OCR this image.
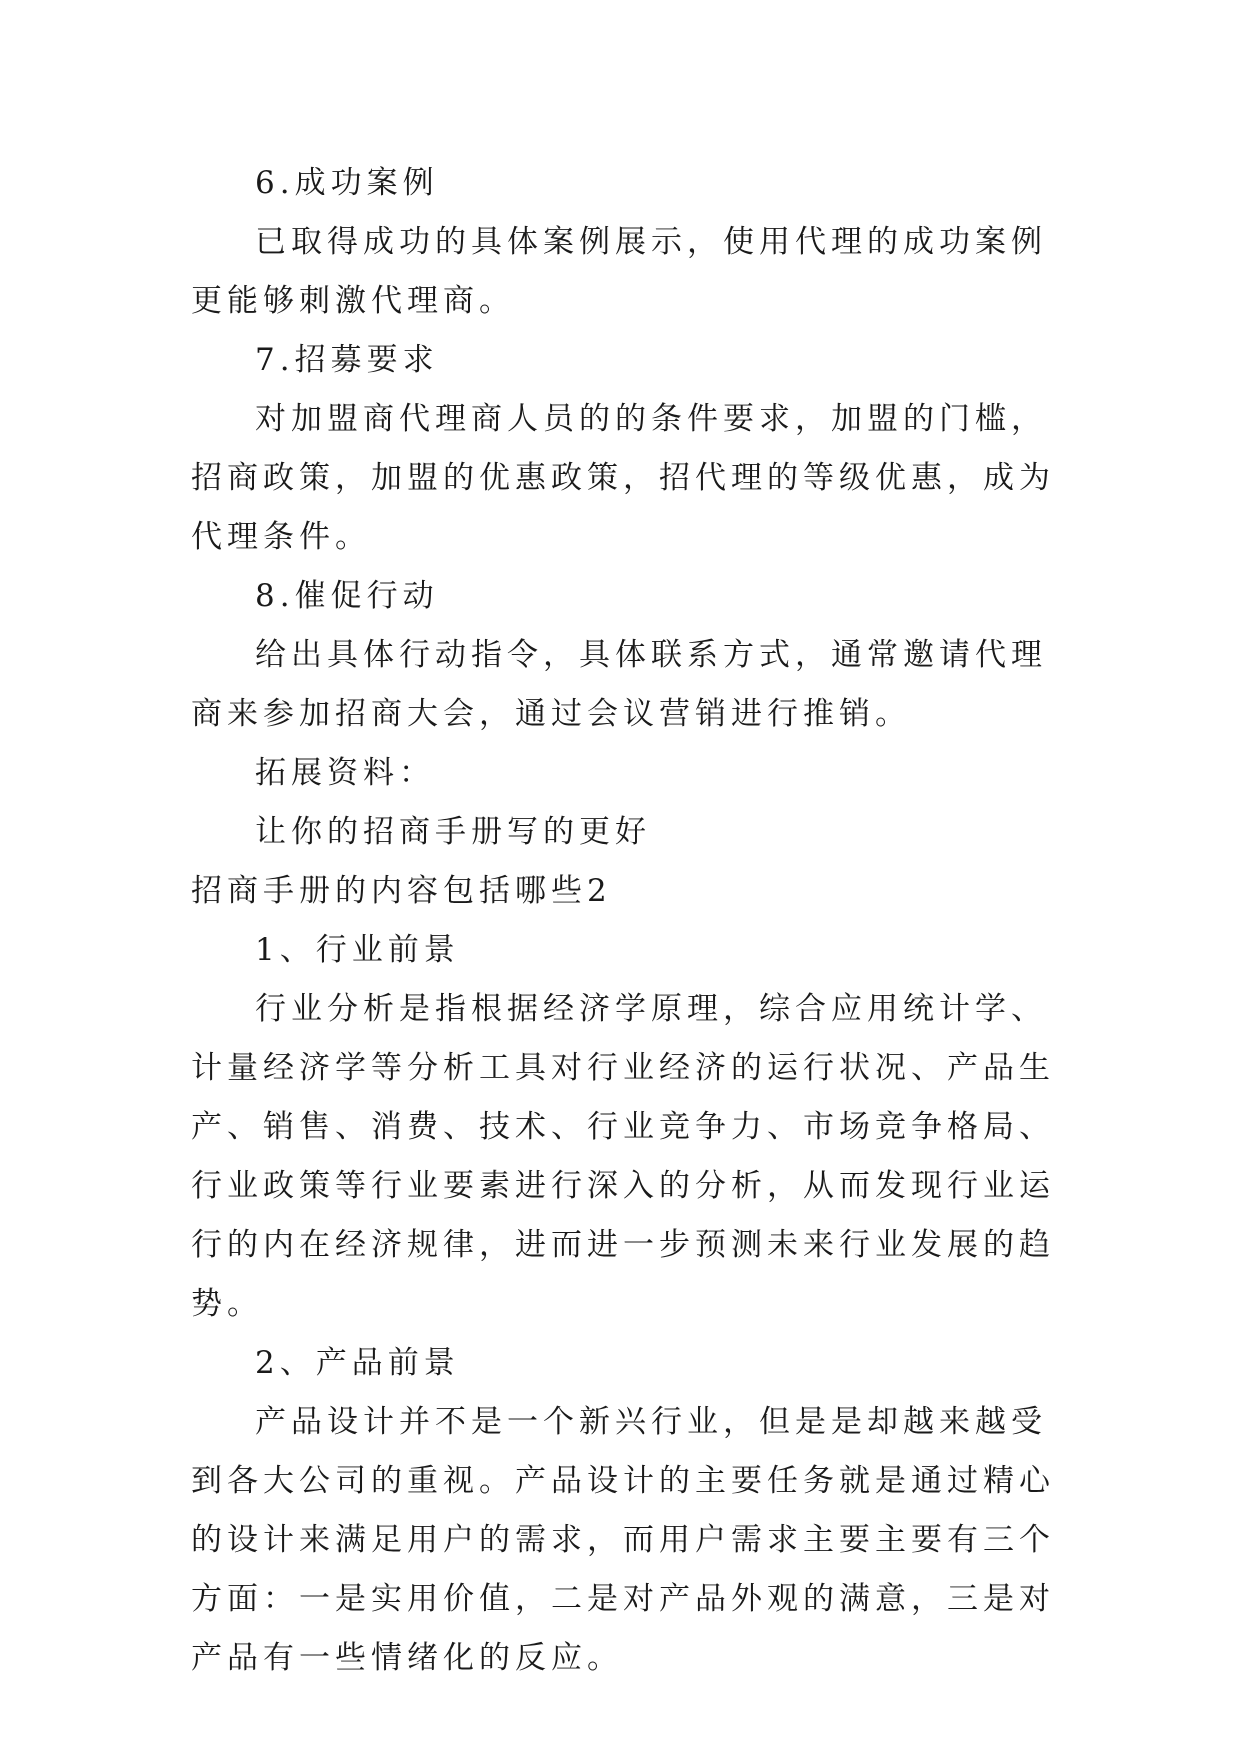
6.成功案例

已取得成功的具体案例展示，使用代理的成功案例更能够刺激代理商。

7.招募要求

对加盟商代理商人员的的条件要求，加盟的门槛，招商政策，加盟的优惠政策，招代理的等级优惠，成为代理条件。

8.催促行动

给出具体行动指令，具体联系方式，通常邀请代理商来参加招商大会，通过会议营销进行推销。

拓展资料：

让你的招商手册写的更好

招商手册的内容包括哪些2

1、行业前景

行业分析是指根据经济学原理，综合应用统计学、计量经济学等分析工具对行业经济的运行状况、产品生产、销售、消费、技术、行业竞争力、市场竞争格局、行业政策等行业要素进行深入的分析，从而发现行业运行的内在经济规律，进而进一步预测未来行业发展的趋势。

2、产品前景

产品设计并不是一个新兴行业，但是是却越来越受到各大公司的重视。产品设计的主要任务就是通过精心的设计来满足用户的需求，而用户需求主要主要有三个方面：一是实用价值，二是对产品外观的满意，三是对产品有一些情绪化的反应。
